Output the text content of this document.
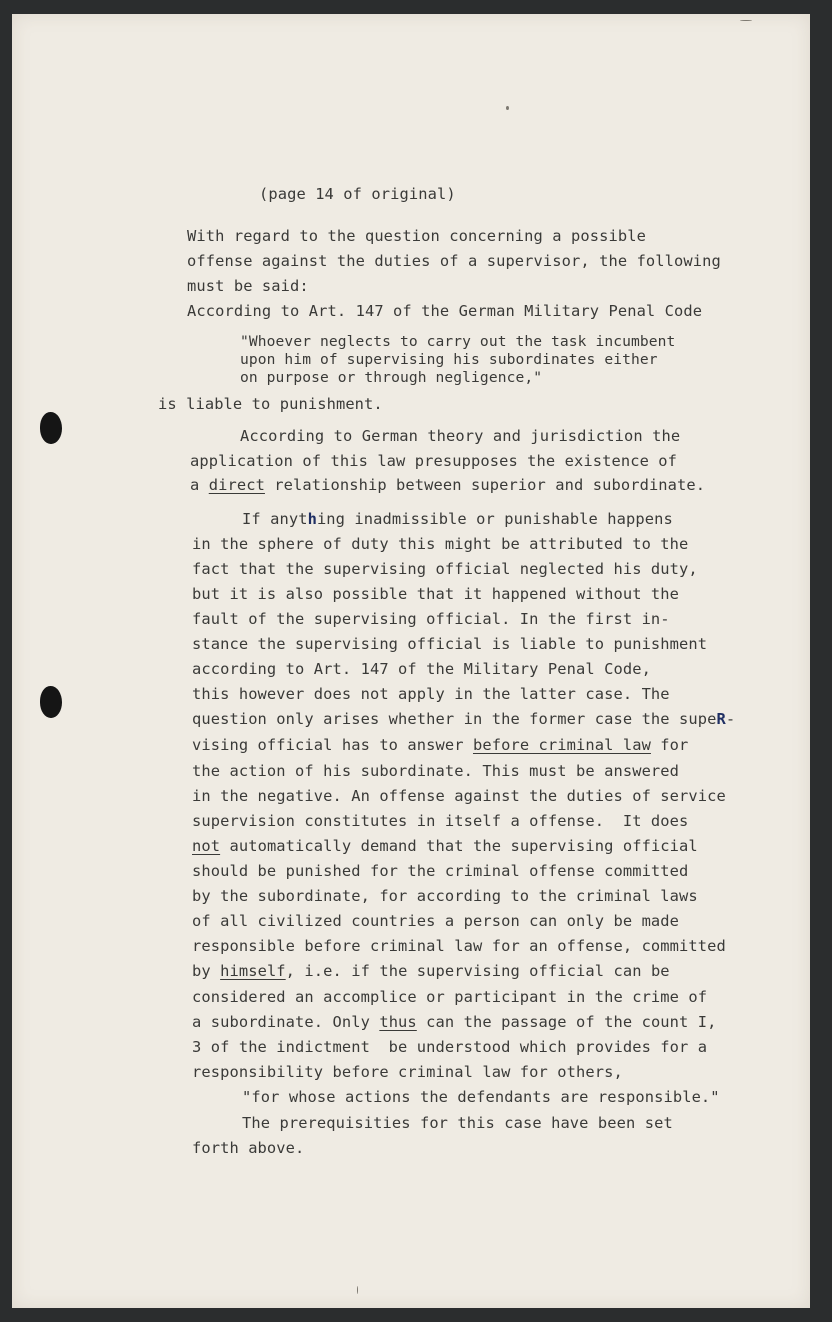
(page 14 of original)
With regard to the question concerning a possible
offense against the duties of a supervisor, the following
must be said:
According to Art. 147 of the German Military Penal Code
"Whoever neglects to carry out the task incumbent
upon him of supervising his subordinates either
on purpose or through negligence,"
is liable to punishment.
According to German theory and jurisdiction the
application of this law presupposes the existence of
a direct relationship between superior and subordinate.
If anything inadmissible or punishable happens
in the sphere of duty this might be attributed to the
fact that the supervising official neglected his duty,
but it is also possible that it happened without the
fault of the supervising official. In the first in-
stance the supervising official is liable to punishment
according to Art. 147 of the Military Penal Code,
this however does not apply in the latter case. The
question only arises whether in the former case the supeR-
vising official has to answer before criminal law for
the action of his subordinate. This must be answered
in the negative. An offense against the duties of service
supervision constitutes in itself a offense.  It does
not automatically demand that the supervising official
should be punished for the criminal offense committed
by the subordinate, for according to the criminal laws
of all civilized countries a person can only be made
responsible before criminal law for an offense, committed
by himself, i.e. if the supervising official can be
considered an accomplice or participant in the crime of
a subordinate. Only thus can the passage of the count I,
3 of the indictment  be understood which provides for a
responsibility before criminal law for others,
"for whose actions the defendants are responsible."
The prerequisities for this case have been set
forth above.
